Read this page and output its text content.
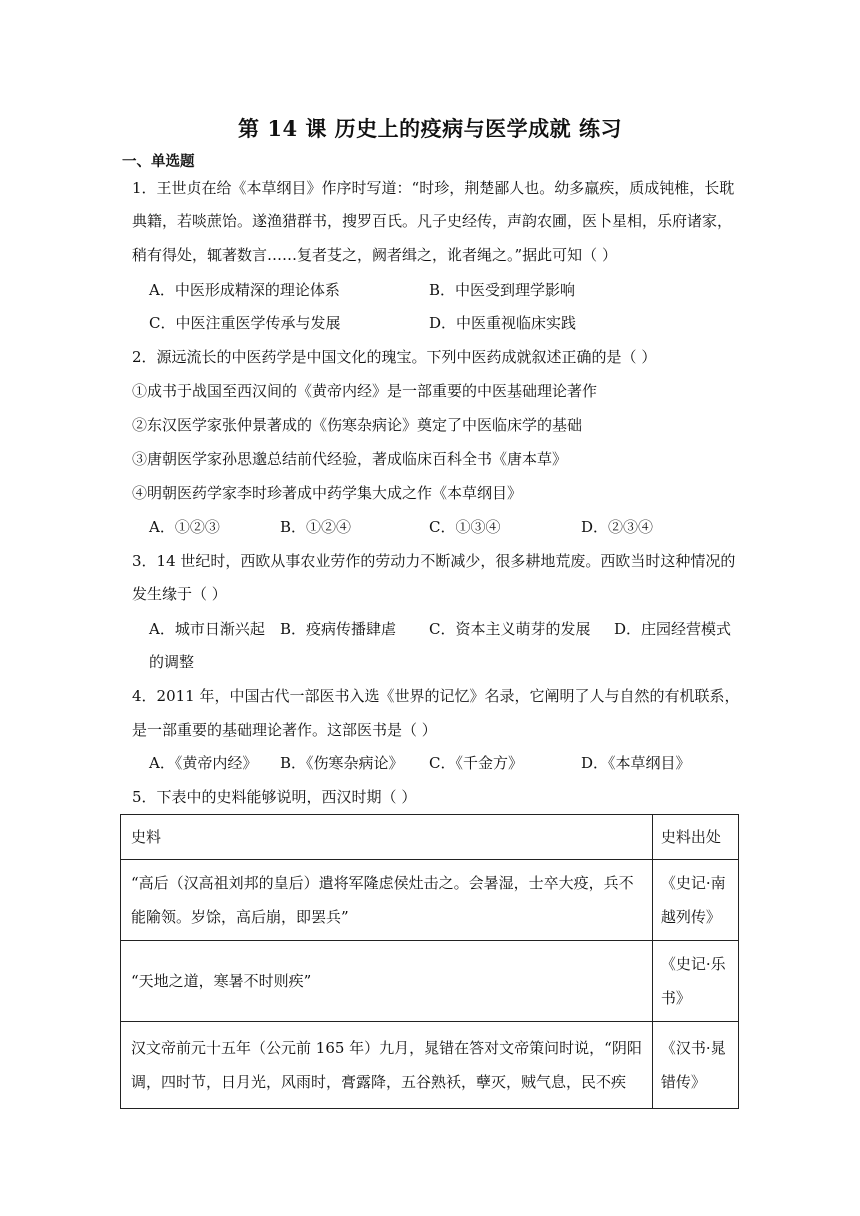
第 14 课 历史上的疫病与医学成就 练习
一、单选题
1．王世贞在给《本草纲目》作序时写道：“时珍，荆楚鄙人也。幼多羸疾，质成钝椎，长耽
典籍，若啖蔗饴。遂渔猎群书，搜罗百氏。凡子史经传，声韵农圃，医卜星相，乐府诸家，
稍有得处，辄著数言……复者芟之，阙者缉之，讹者绳之。”据此可知（ ）
A．中医形成精深的理论体系	B．中医受到理学影响
C．中医注重医学传承与发展	D．中医重视临床实践
2．源远流长的中医药学是中国文化的瑰宝。下列中医药成就叙述正确的是（ ）
①成书于战国至西汉间的《黄帝内经》是一部重要的中医基础理论著作
②东汉医学家张仲景著成的《伤寒杂病论》奠定了中医临床学的基础
③唐朝医学家孙思邈总结前代经验，著成临床百科全书《唐本草》
④明朝医药学家李时珍著成中药学集大成之作《本草纲目》
A．①②③	B．①②④	C．①③④	D．②③④
3．14 世纪时，西欧从事农业劳作的劳动力不断减少，很多耕地荒废。西欧当时这种情况的
发生缘于（ ）
A．城市日渐兴起 B．疫病传播肆虐 C．资本主义萌芽的发展 D．庄园经营模式
的调整
4．2011 年，中国古代一部医书入选《世界的记忆》名录，它阐明了人与自然的有机联系，
是一部重要的基础理论著作。这部医书是（ ）
A．《黄帝内经》 B．《伤寒杂病论》 C．《千金方》	D．《本草纲目》
5．下表中的史料能够说明，西汉时期（ ）
史料	史料出处

“高后（汉高祖刘邦的皇后）遣将军隆虑侯灶击之。会暑湿，士卒大疫，兵不
能隃领。岁馀，高后崩，即罢兵”	《史记·南
越列传》

“天地之道，寒暑不时则疾”	《史记·乐
书》

汉文帝前元十五年（公元前 165 年）九月，晁错在答对文帝策问时说，“阴阳
调，四时节，日月光，风雨时，膏露降，五谷熟袄，孽灭，贼气息，民不疾	《汉书·晁
错传》
